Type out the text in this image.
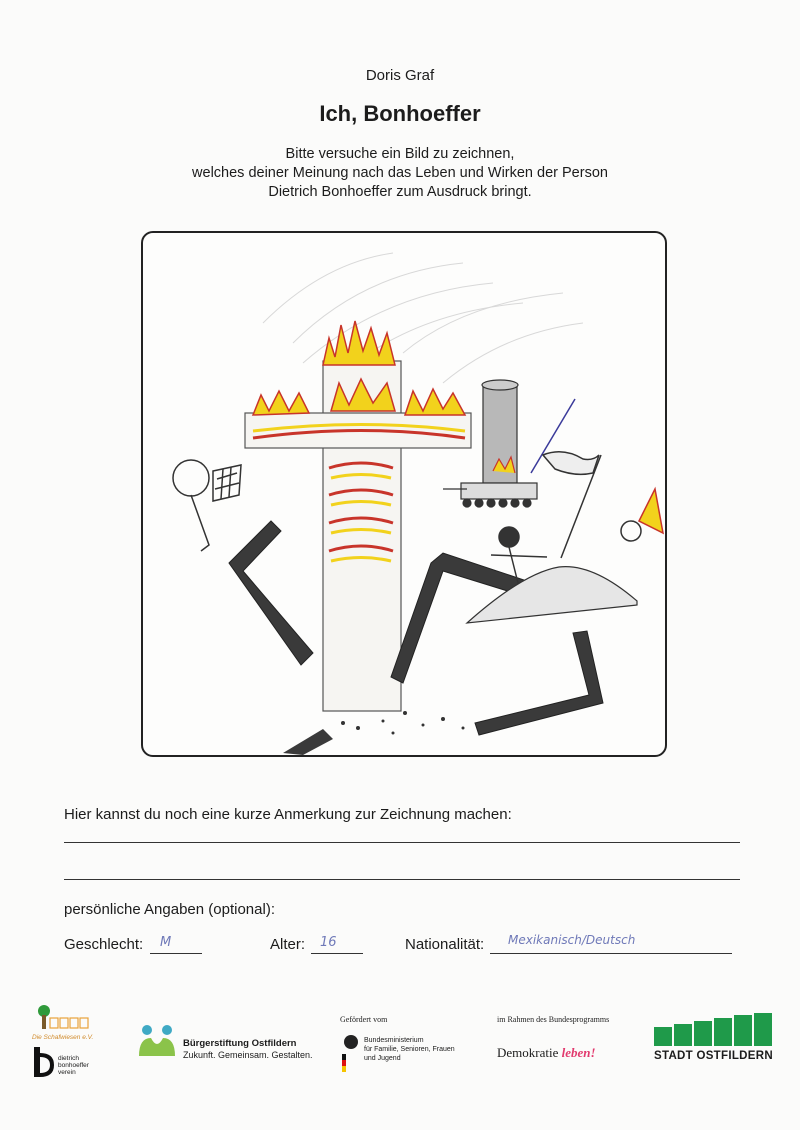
Doris Graf
Ich, Bonhoeffer
Bitte versuche ein Bild zu zeichnen,
welches deiner Meinung nach das Leben und Wirken der Person
Dietrich Bonhoeffer zum Ausdruck bringt.
Hier kannst du noch eine kurze Anmerkung zur Zeichnung machen:
persönliche Angaben (optional):
Geschlecht: M	Alter: 16	Nationalität: Mexikanisch/Deutsch
Die Schafwiesen e.V.
dietrich
bonhoeffer
verein
Bürgerstiftung Ostfildern
Zukunft. Gemeinsam. Gestalten.
Gefördert vom
Bundesministerium
für Familie, Senioren, Frauen
und Jugend
im Rahmen des Bundesprogramms
Demokratie leben!	STADT OSTFILDERN
